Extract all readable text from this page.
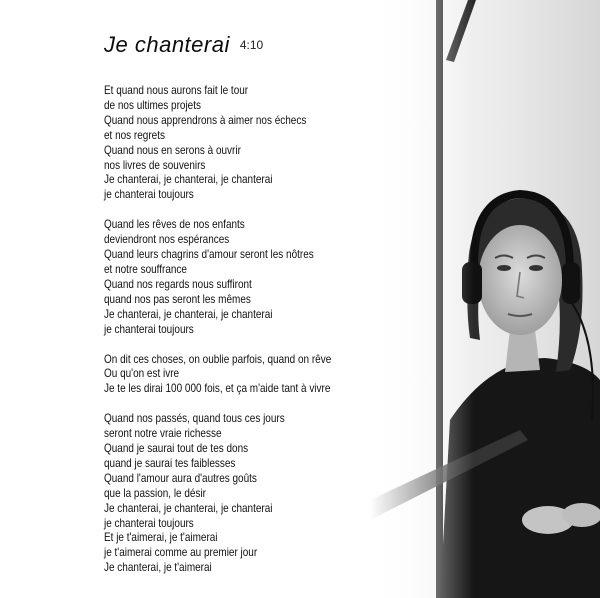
Je chanterai 4:10
Et quand nous aurons fait le tour
de nos ultimes projets
Quand nous apprendrons à aimer nos échecs
et nos regrets
Quand nous en serons à ouvrir
nos livres de souvenirs
Je chanterai, je chanterai, je chanterai
je chanterai toujours
Quand les rêves de nos enfants
deviendront nos espérances
Quand leurs chagrins d'amour seront les nôtres
et notre souffrance
Quand nos regards nous suffiront
quand nos pas seront les mêmes
Je chanterai, je chanterai, je chanterai
je chanterai toujours
On dit ces choses, on oublie parfois, quand on rêve
Ou qu'on est ivre
Je te les dirai 100 000 fois, et ça m'aide tant à vivre
Quand nos passés, quand tous ces jours
seront notre vraie richesse
Quand je saurai tout de tes dons
quand je saurai tes faiblesses
Quand l'amour aura d'autres goûts
que la passion, le désir
Je chanterai, je chanterai, je chanterai
je chanterai toujours
Et je t'aimerai, je t'aimerai
je t'aimerai comme au premier jour
Je chanterai, je t'aimerai
